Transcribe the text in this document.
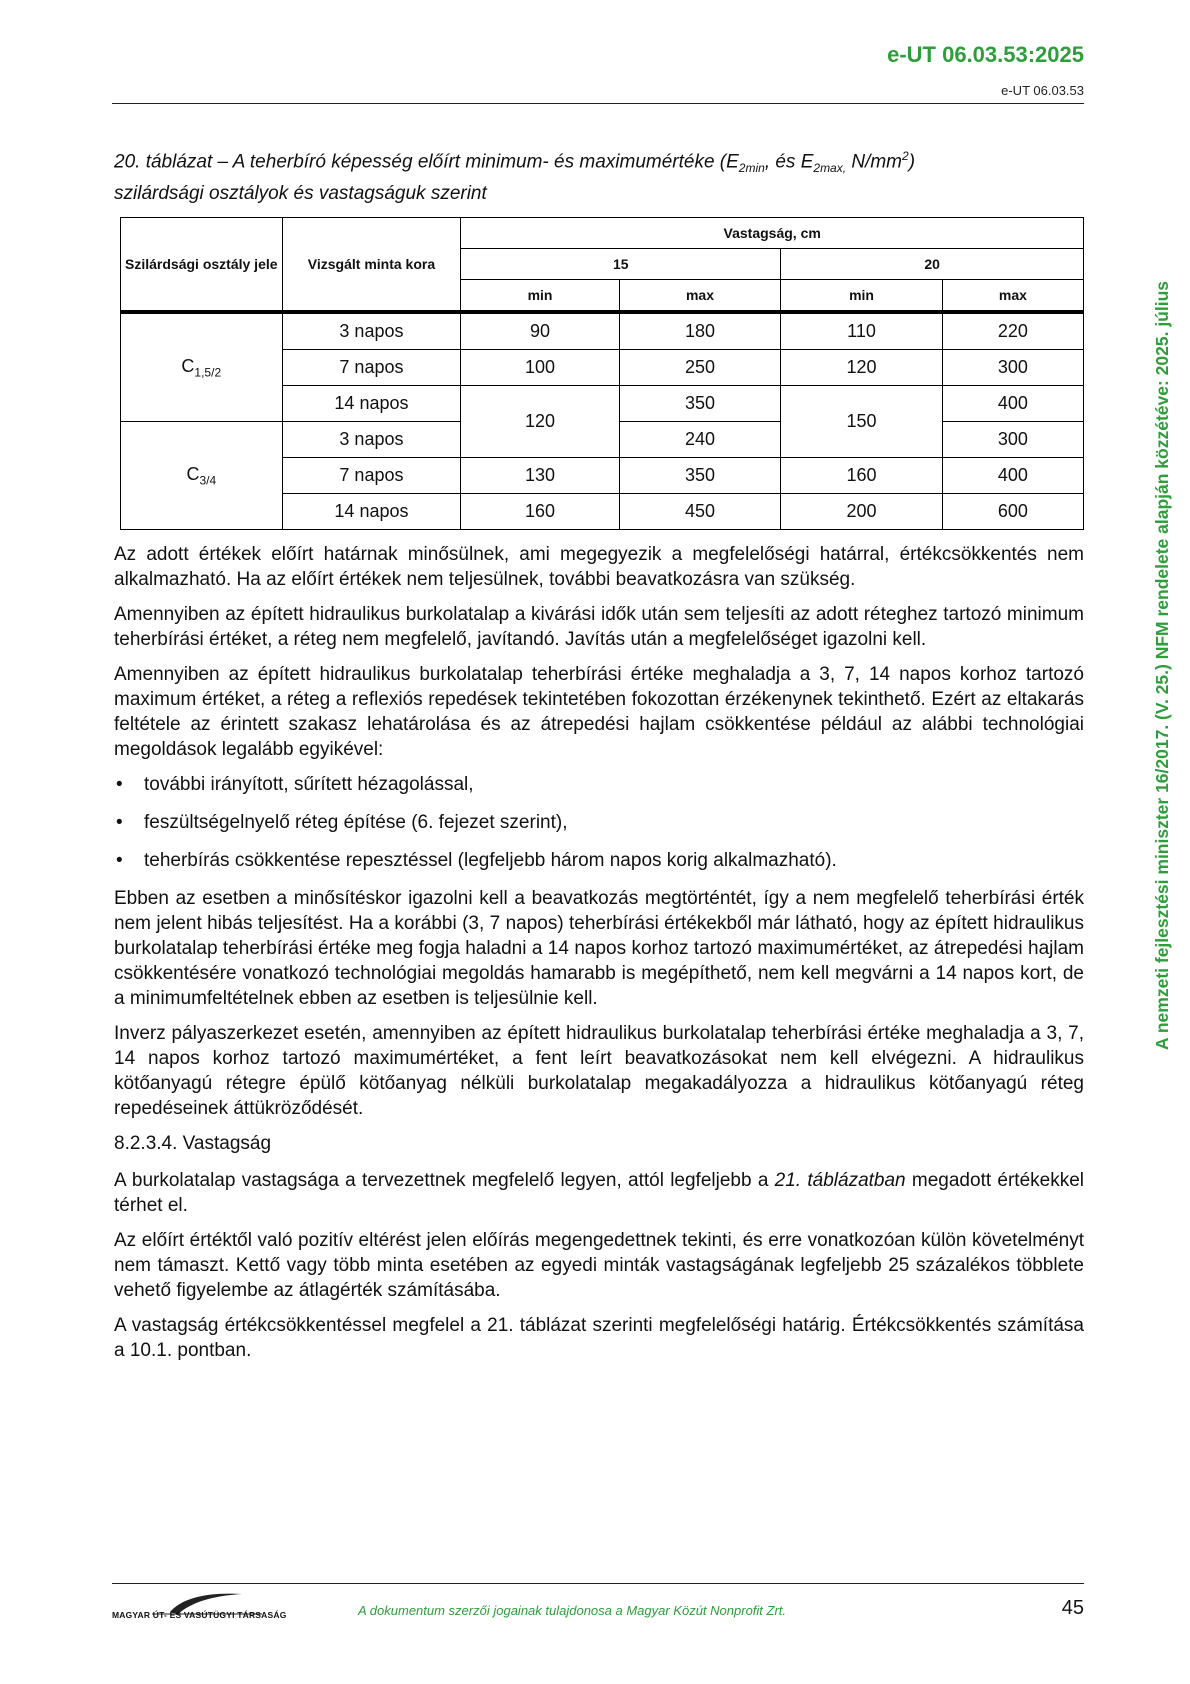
e-UT 06.03.53:2025
e-UT 06.03.53
A nemzeti fejlesztési miniszter 16/2017. (V. 25.) NFM rendelete alapján közzétéve: 2025. július
20. táblázat – A teherbíró képesség előírt minimum- és maximumértéke ($E_{2min}$, és $E_{2max,}$ $N/mm^2$)
szilárdsági osztályok és vastagságuk szerint
Szilárdsági osztály jele	Vizsgált minta kora	Vastagság, cm			
		15		20	
		min	max	min	max
$C_{1,5/2}$	3 napos	90	180	110	220
	7 napos	100	250	120	300
	14 napos	120	350	150	400
$C_{3/4}$	3 napos		240		300
	7 napos	130	350	160	400
	14 napos	160	450	200	600

Az adott értékek előírt határnak minősülnek, ami megegyezik a megfelelőségi határral, értékcsökkentés nem alkalmazható. Ha az előírt értékek nem teljesülnek, további beavatkozásra van szükség.

Amennyiben az épített hidraulikus burkolatalap a kivárási idők után sem teljesíti az adott réteghez tartozó minimum teherbírási értéket, a réteg nem megfelelő, javítandó. Javítás után a megfelelőséget igazolni kell.

Amennyiben az épített hidraulikus burkolatalap teherbírási értéke meghaladja a 3, 7, 14 napos korhoz tartozó maximum értéket, a réteg a reflexiós repedések tekintetében fokozottan érzékenynek tekinthető. Ezért az eltakarás feltétele az érintett szakasz lehatárolása és az átrepedési hajlam csökkentése például az alábbi technológiai megoldások legalább egyikével:

• további irányított, sűrített hézagolással,
• feszültségelnyelő réteg építése (6. fejezet szerint),
• teherbírás csökkentése repesztéssel (legfeljebb három napos korig alkalmazható).

Ebben az esetben a minősítéskor igazolni kell a beavatkozás megtörténtét, így a nem megfelelő teherbírási érték nem jelent hibás teljesítést. Ha a korábbi (3, 7 napos) teherbírási értékekből már látható, hogy az épített hidraulikus burkolatalap teherbírási értéke meg fogja haladni a 14 napos korhoz tartozó maximumértéket, az átrepedési hajlam csökkentésére vonatkozó technológiai megoldás hamarabb is megépíthető, nem kell megvárni a 14 napos kort, de a minimumfeltételnek ebben az esetben is teljesülnie kell.

Inverz pályaszerkezet esetén, amennyiben az épített hidraulikus burkolatalap teherbírási értéke meghaladja a 3, 7, 14 napos korhoz tartozó maximumértéket, a fent leírt beavatkozásokat nem kell elvégezni. A hidraulikus kötőanyagú rétegre épülő kötőanyag nélküli burkolatalap megakadályozza a hidraulikus kötőanyagú réteg repedéseinek áttükröződését.

8.2.3.4. Vastagság

A burkolatalap vastagsága a tervezettnek megfelelő legyen, attól legfeljebb a 21. táblázatban megadott értékekkel térhet el.

Az előírt értéktől való pozitív eltérést jelen előírás megengedettnek tekinti, és erre vonatkozóan külön követelményt nem támaszt. Kettő vagy több minta esetében az egyedi minták vastagságának legfeljebb 25 százalékos többlete vehető figyelembe az átlagérték számításába.

A vastagság értékcsökkentéssel megfelel a 21. táblázat szerinti megfelelőségi határig. Értékcsökkentés számítása a 10.1. pontban.

MAGYAR ÚT- ÉS VASÚTÜGYI TÁRSASÁG	A dokumentum szerzői jogainak tulajdonosa a Magyar Közút Nonprofit Zrt.	45
